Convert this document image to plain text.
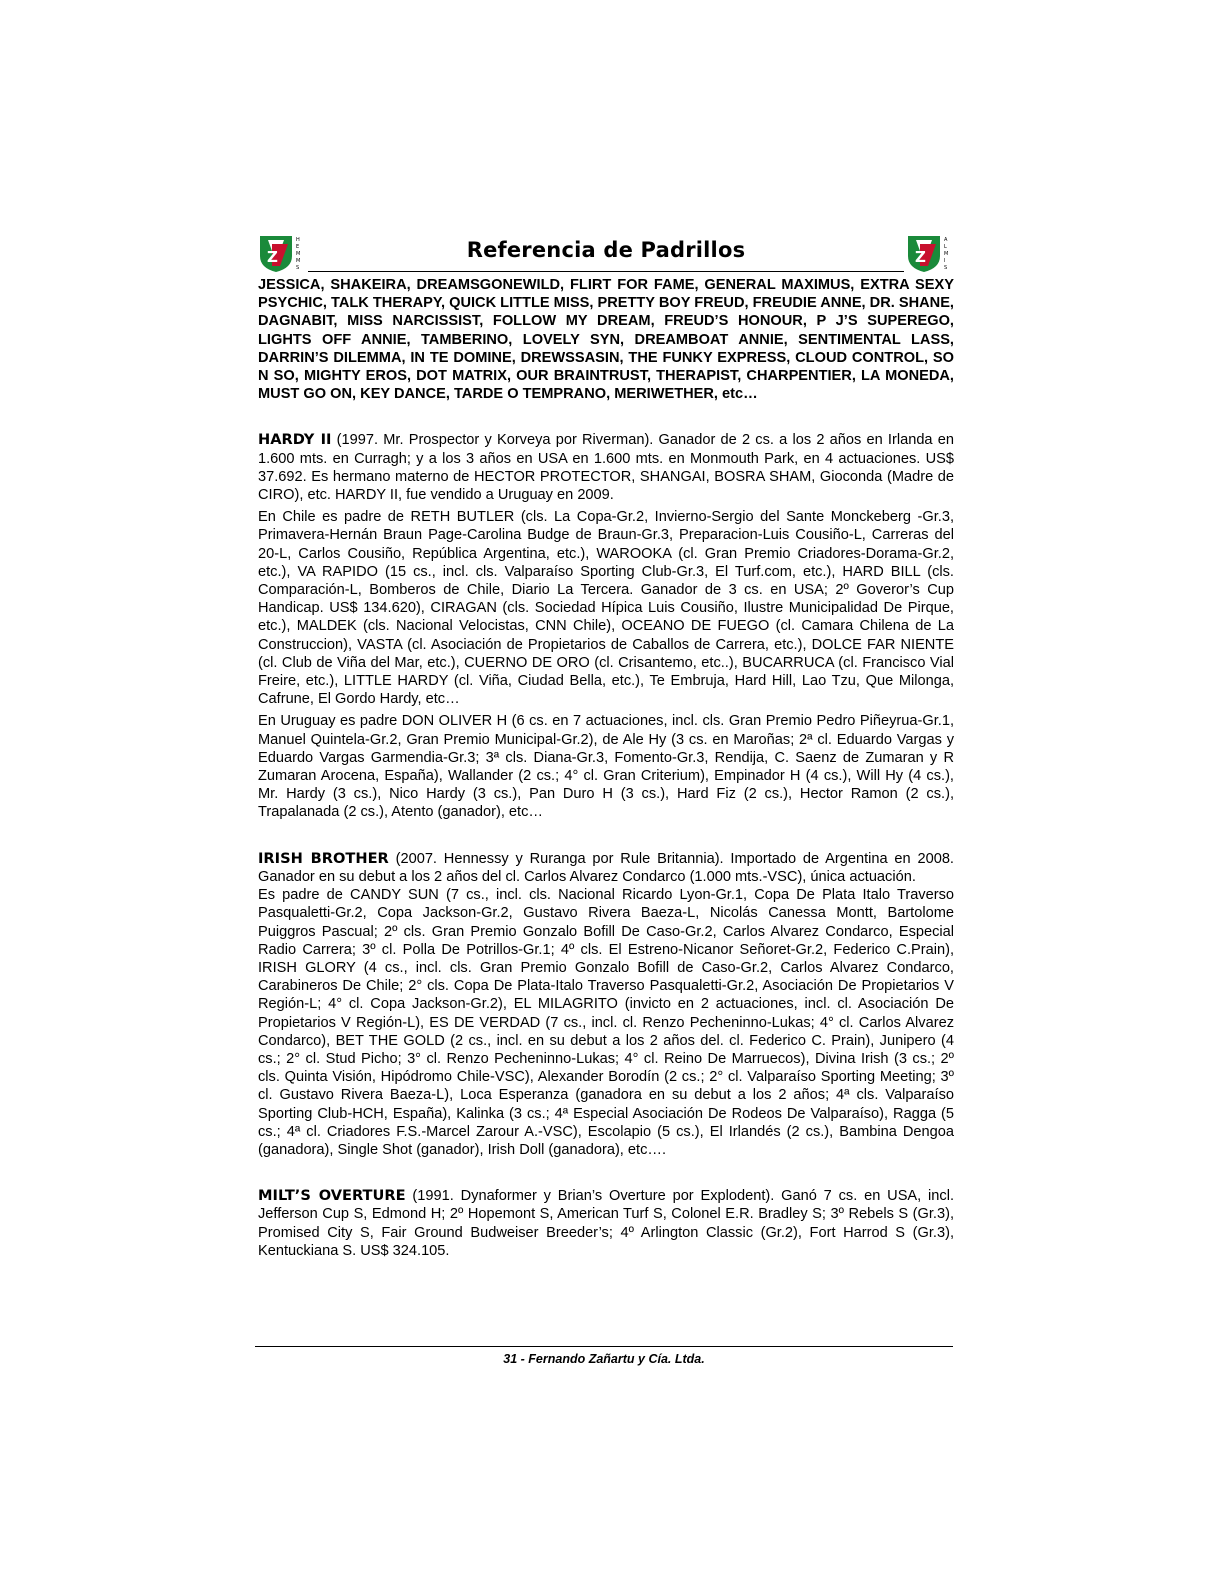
Z
H
E
M
M
S
Referencia de Padrillos	Z
A
L
M
I
S

JESSICA, SHAKEIRA, DREAMSGONEWILD, FLIRT FOR FAME, GENERAL MAXIMUS, EXTRA SEXY PSYCHIC, TALK THERAPY, QUICK LITTLE MISS, PRETTY BOY FREUD, FREUDIE ANNE, DR. SHANE, DAGNABIT, MISS NARCISSIST, FOLLOW MY DREAM, FREUD’S HONOUR, P J’S SUPEREGO, LIGHTS OFF ANNIE, TAMBERINO, LOVELY SYN, DREAMBOAT ANNIE, SENTIMENTAL LASS, DARRIN’S DILEMMA, IN TE DOMINE, DREWSSASIN, THE FUNKY EXPRESS, CLOUD CONTROL, SO N SO, MIGHTY EROS, DOT MATRIX, OUR BRAINTRUST, THERAPIST, CHARPENTIER, LA MONEDA, MUST GO ON, KEY DANCE, TARDE O TEMPRANO, MERIWETHER, etc…

HARDY II (1997. Mr. Prospector y Korveya por Riverman). Ganador de 2 cs. a los 2 años en Irlanda en 1.600 mts. en Curragh; y a los 3 años en USA en 1.600 mts. en Monmouth Park, en 4 actuaciones. US$ 37.692. Es hermano materno de HECTOR PROTECTOR, SHANGAI, BOSRA SHAM, Gioconda (Madre de CIRO), etc. HARDY II, fue vendido a Uruguay en 2009.

En Chile es padre de RETH BUTLER (cls. La Copa-Gr.2, Invierno-Sergio del Sante Monckeberg -Gr.3, Primavera-Hernán Braun Page-Carolina Budge de Braun-Gr.3, Preparacion-Luis Cousiño-L, Carreras del 20-L, Carlos Cousiño, República Argentina, etc.), WAROOKA (cl. Gran Premio Criadores-Dorama-Gr.2, etc.), VA RAPIDO (15 cs., incl. cls. Valparaíso Sporting Club-Gr.3, El Turf.com, etc.), HARD BILL (cls. Comparación-L, Bomberos de Chile, Diario La Tercera. Ganador de 3 cs. en USA; 2º Goveror’s Cup Handicap. US$ 134.620), CIRAGAN (cls. Sociedad Hípica Luis Cousiño, Ilustre Municipalidad De Pirque, etc.), MALDEK (cls. Nacional Velocistas, CNN Chile), OCEANO DE FUEGO (cl. Camara Chilena de La Construccion), VASTA (cl. Asociación de Propietarios de Caballos de Carrera, etc.), DOLCE FAR NIENTE (cl. Club de Viña del Mar, etc.), CUERNO DE ORO (cl. Crisantemo, etc..), BUCARRUCA (cl. Francisco Vial Freire, etc.), LITTLE HARDY (cl. Viña, Ciudad Bella, etc.), Te Embruja, Hard Hill, Lao Tzu, Que Milonga, Cafrune, El Gordo Hardy, etc…

En Uruguay es padre DON OLIVER H (6 cs. en 7 actuaciones, incl. cls. Gran Premio Pedro Piñeyrua-Gr.1, Manuel Quintela-Gr.2, Gran Premio Municipal-Gr.2), de Ale Hy (3 cs. en Maroñas; 2ª cl. Eduardo Vargas y Eduardo Vargas Garmendia-Gr.3; 3ª cls. Diana-Gr.3, Fomento-Gr.3, Rendija, C. Saenz de Zumaran y R Zumaran Arocena, España), Wallander (2 cs.; 4° cl. Gran Criterium), Empinador H (4 cs.), Will Hy (4 cs.), Mr. Hardy (3 cs.), Nico Hardy (3 cs.), Pan Duro H (3 cs.), Hard Fiz (2 cs.), Hector Ramon (2 cs.), Trapalanada (2 cs.), Atento (ganador), etc…

IRISH BROTHER (2007. Hennessy y Ruranga por Rule Britannia). Importado de Argentina en 2008. Ganador en su debut a los 2 años del cl. Carlos Alvarez Condarco (1.000 mts.-VSC), única actuación.

Es padre de CANDY SUN (7 cs., incl. cls. Nacional Ricardo Lyon-Gr.1, Copa De Plata Italo Traverso Pasqualetti-Gr.2, Copa Jackson-Gr.2, Gustavo Rivera Baeza-L, Nicolás Canessa Montt, Bartolome Puiggros Pascual; 2º cls. Gran Premio Gonzalo Bofill De Caso-Gr.2, Carlos Alvarez Condarco, Especial Radio Carrera; 3º cl. Polla De Potrillos-Gr.1; 4º cls. El Estreno-Nicanor Señoret-Gr.2, Federico C.Prain), IRISH GLORY (4 cs., incl. cls. Gran Premio Gonzalo Bofill de Caso-Gr.2, Carlos Alvarez Condarco, Carabineros De Chile; 2° cls. Copa De Plata-Italo Traverso Pasqualetti-Gr.2, Asociación De Propietarios V Región-L; 4° cl. Copa Jackson-Gr.2), EL MILAGRITO (invicto en 2 actuaciones, incl. cl. Asociación De Propietarios V Región-L), ES DE VERDAD (7 cs., incl. cl. Renzo Pecheninno-Lukas; 4° cl. Carlos Alvarez Condarco), BET THE GOLD (2 cs., incl. en su debut a los 2 años del. cl. Federico C. Prain), Junipero (4 cs.; 2° cl. Stud Picho; 3° cl. Renzo Pecheninno-Lukas; 4° cl. Reino De Marruecos), Divina Irish (3 cs.; 2º cls. Quinta Visión, Hipódromo Chile-VSC), Alexander Borodín (2 cs.; 2° cl. Valparaíso Sporting Meeting; 3º cl. Gustavo Rivera Baeza-L), Loca Esperanza (ganadora en su debut a los 2 años; 4ª cls. Valparaíso Sporting Club-HCH, España), Kalinka (3 cs.; 4ª Especial Asociación De Rodeos De Valparaíso), Ragga (5 cs.; 4ª cl. Criadores F.S.-Marcel Zarour A.-VSC), Escolapio (5 cs.), El Irlandés (2 cs.), Bambina Dengoa (ganadora), Single Shot (ganador), Irish Doll (ganadora), etc….

MILT’S OVERTURE (1991. Dynaformer y Brian’s Overture por Explodent). Ganó 7 cs. en USA, incl. Jefferson Cup S, Edmond H; 2º Hopemont S, American Turf S, Colonel E.R. Bradley S; 3º Rebels S (Gr.3), Promised City S, Fair Ground Budweiser Breeder’s; 4º Arlington Classic (Gr.2), Fort Harrod S (Gr.3), Kentuckiana S. US$ 324.105.

31 - Fernando Zañartu y Cía. Ltda.
